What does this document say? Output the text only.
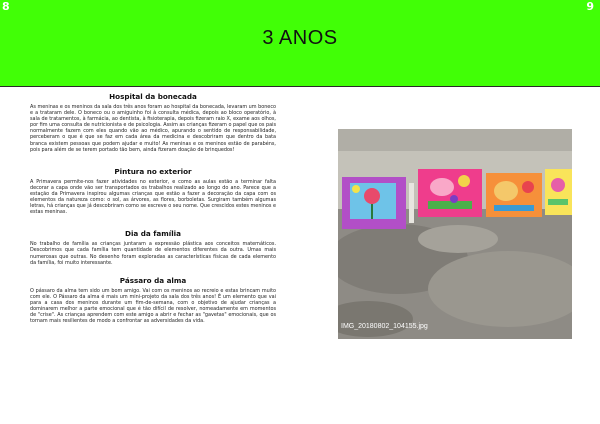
8	9
3 ANOS
Hospital da bonecada

As meninas e os meninos da sala dos três anos foram ao hospital da bonecada, levaram um boneco e a trataram dele. O boneco ou o amiguinho foi à consulta médica, depois ao bloco operatório, à sala de tratamentos, à farmácia, ao dentista, à fisioterapia, depois fizeram raio X, exame aos olhos, por fim uma consulta de nutricionista e de psicologia. Assim as crianças fizeram o papel que os pais normalmente fazem com eles quando vão ao médico, apurando o sentido de responsabilidade, perceberam o que é que se faz em cada área da medicina e descobriram que dentro da bata branca existem pessoas que podem ajudar e muito! As meninas e os meninos estão de parabéns, pois para além de se terem portado tão bem, ainda fizeram doação de brinquedos!

Pintura no exterior

A Primavera permite-nos fazer atividades no exterior, e como as aulas estão a terminar falta decorar a capa onde vão ser transportados os trabalhos realizado ao longo do ano. Parece que a estação da Primavera inspirou algumas crianças que estão a fazer a decoração da capa com os elementos da natureza como: o sol, as árvores, as flores, borboletas. Surgiram também algumas letras, há crianças que já descobriram como se escreve o seu nome. Que crescidos estes meninos e estas meninas.

Dia da família

No trabalho de família as crianças juntaram a expressão plástica aos conceitos matemáticos. Descobrimos que cada família tem quantidade de elementos diferentes da outra. Umas mais numerosas que outras. No desenho foram exploradas as características físicas de cada elemento da família, foi muito interessante.

Pássaro da alma

O pássaro da alma tem sido um bom amigo. Vai com os meninos ao recreio e estas brincam muito com ele. O Pássaro da alma é mais um mini-projeto da sala dos três anos! É um elemento que vai para a casa dos meninos durante um fim-de-semana, com o objetivo de ajudar crianças a dominarem melhor a parte emocional que é tão difícil de resolver, nomeadamente em momentos de "crise". As crianças aprendem com este amigo a abrir e fechar as "gavetas" emocionais, que os tornam mais resilientes de modo a confrontar as adversidades da vida.

IMG_20180802_104155.jpg
